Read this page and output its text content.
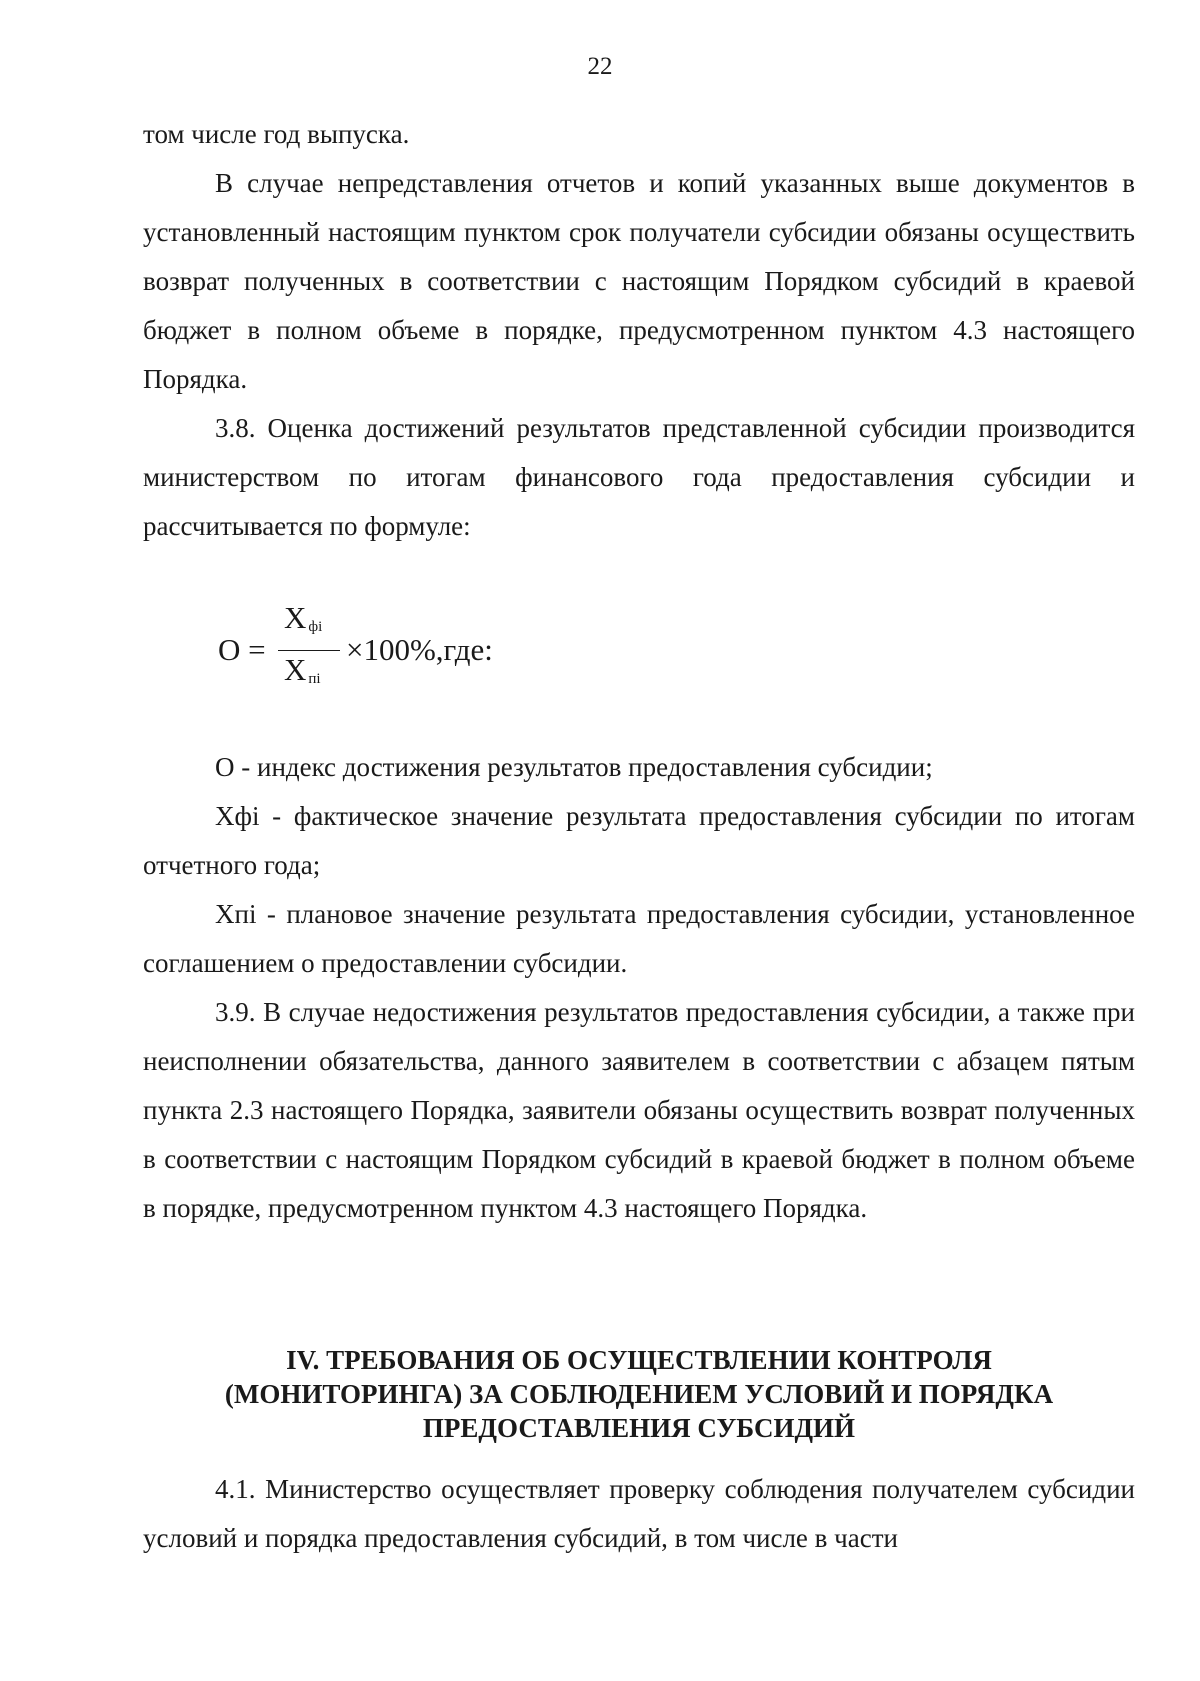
22

том числе год выпуска.

В случае непредставления отчетов и копий указанных выше документов в установленный настоящим пунктом срок получатели субсидии обязаны осуществить возврат полученных в соответствии с настоящим Порядком субсидий в краевой бюджет в полном объеме в порядке, предусмотренном пунктом 4.3 настоящего Порядка.

3.8. Оценка достижений результатов представленной субсидии производится министерством по итогам финансового года предоставления субсидии и рассчитывается по формуле:

O =
X $_{фi}$
X $_{пi}$
×100%,где:

О - индекс достижения результатов предоставления субсидии;

Хфi - фактическое значение результата предоставления субсидии по итогам отчетного года;

Хпi - плановое значение результата предоставления субсидии, установленное соглашением о предоставлении субсидии.

3.9. В случае недостижения результатов предоставления субсидии, а также при неисполнении обязательства, данного заявителем в соответствии с абзацем пятым пункта 2.3 настоящего Порядка, заявители обязаны осуществить возврат полученных в соответствии с настоящим Порядком субсидий в краевой бюджет в полном объеме в порядке, предусмотренном пунктом 4.3 настоящего Порядка.

IV. ТРЕБОВАНИЯ ОБ ОСУЩЕСТВЛЕНИИ КОНТРОЛЯ
(МОНИТОРИНГА) ЗА СОБЛЮДЕНИЕМ УСЛОВИЙ И ПОРЯДКА
ПРЕДОСТАВЛЕНИЯ СУБСИДИЙ

4.1. Министерство осуществляет проверку соблюдения получателем субсидии условий и порядка предоставления субсидий, в том числе в части
